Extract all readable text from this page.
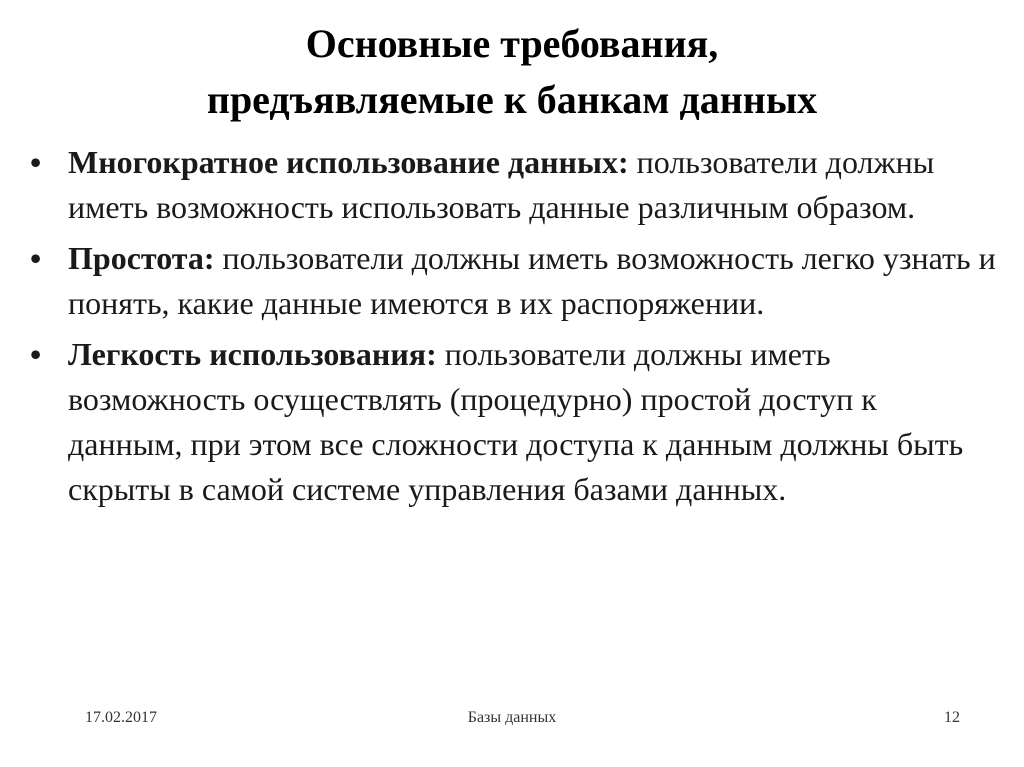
Основные требования,
предъявляемые к банкам данных
• Многократное использование данных: пользователи должны иметь возможность использовать данные различным образом.
• Простота: пользователи должны иметь возможность легко узнать и понять, какие данные имеются в их распоряжении.
• Легкость использования: пользователи должны иметь возможность осуществлять (процедурно) простой доступ к данным, при этом все сложности доступа к данным должны быть скрыты в самой системе управления базами данных.
17.02.2017	Базы данных	12
